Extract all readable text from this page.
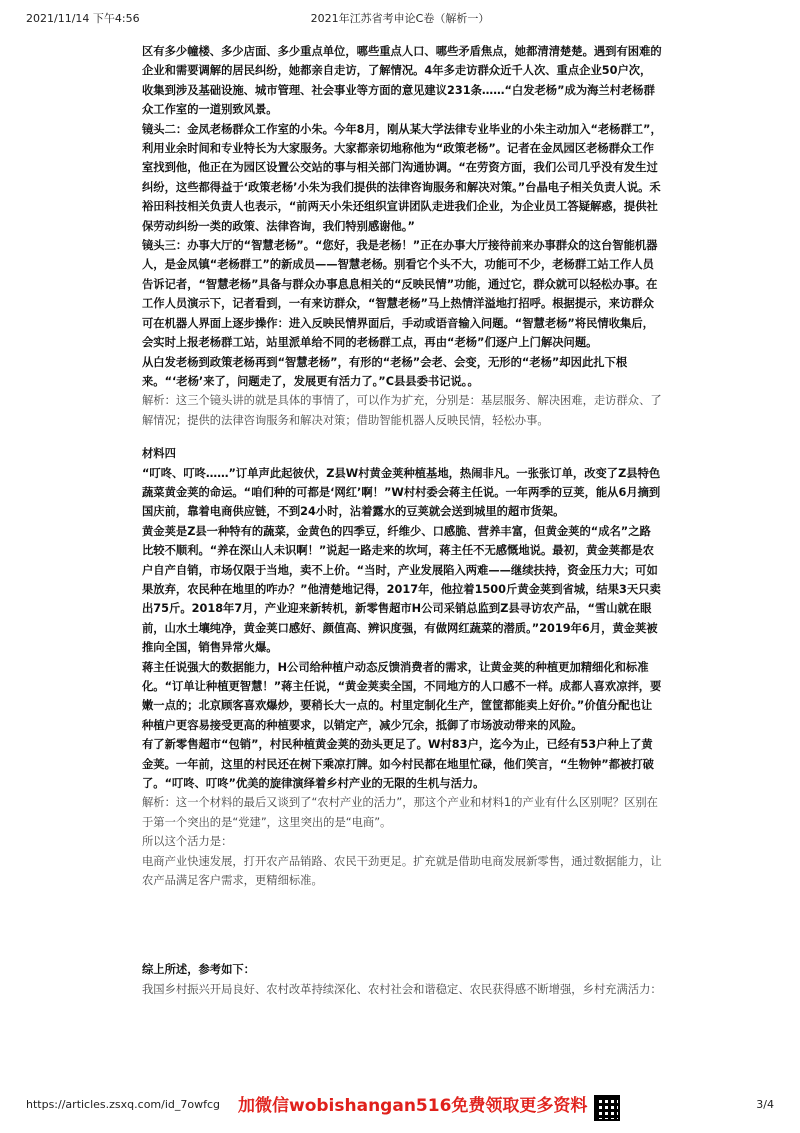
2021/11/14 下午4:56	2021年江苏省考申论C卷（解析一）

区有多少幢楼、多少店面、多少重点单位，哪些重点人口、哪些矛盾焦点，她都清清楚楚。遇到有困难的企业和需要调解的居民纠纷，她都亲自走访，了解情况。4年多走访群众近千人次、重点企业50户次，收集到涉及基础设施、城市管理、社会事业等方面的意见建议231条……“白发老杨”成为海兰村老杨群众工作室的一道别致风景。

镜头二：金凤老杨群众工作室的小朱。今年8月，刚从某大学法律专业毕业的小朱主动加入“老杨群工”，利用业余时间和专业特长为大家服务。大家都亲切地称他为“政策老杨”。记者在金凤园区老杨群众工作室找到他，他正在为园区设置公交站的事与相关部门沟通协调。“在劳资方面，我们公司几乎没有发生过纠纷，这些都得益于‘政策老杨’小朱为我们提供的法律咨询服务和解决对策。”台晶电子相关负责人说。禾裕田科技相关负责人也表示，“前两天小朱还组织宣讲团队走进我们企业，为企业员工答疑解惑，提供社保劳动纠纷一类的政策、法律咨询，我们特别感谢他。”

镜头三：办事大厅的“智慧老杨”。“您好，我是老杨！”正在办事大厅接待前来办事群众的这台智能机器人，是金凤镇“老杨群工”的新成员——智慧老杨。别看它个头不大，功能可不少，老杨群工站工作人员告诉记者，“智慧老杨”具备与群众办事息息相关的“反映民情”功能，通过它，群众就可以轻松办事。在工作人员演示下，记者看到，一有来访群众，“智慧老杨”马上热情洋溢地打招呼。根据提示，来访群众可在机器人界面上逐步操作：进入反映民情界面后，手动或语音输入问题。“智慧老杨”将民情收集后，会实时上报老杨群工站，站里派单给不同的老杨群工点，再由“老杨”们逐户上门解决问题。

从白发老杨到政策老杨再到“智慧老杨”，有形的“老杨”会老、会变，无形的“老杨”却因此扎下根来。“‘老杨’来了，问题走了，发展更有活力了。”C县县委书记说。。

解析：这三个镜头讲的就是具体的事情了，可以作为扩充，分别是：基层服务、解决困难，走访群众、了解情况；提供的法律咨询服务和解决对策；借助智能机器人反映民情，轻松办事。

材料四

“叮咚、叮咚……”订单声此起彼伏，Z县W村黄金荚种植基地，热闹非凡。一张张订单，改变了Z县特色蔬菜黄金荚的命运。“咱们种的可都是‘网红’啊！”W村村委会蒋主任说。一年两季的豆荚，能从6月摘到国庆前，靠着电商供应链，不到24小时，沾着露水的豆荚就会送到城里的超市货架。

黄金荚是Z县一种特有的蔬菜，金黄色的四季豆，纤维少、口感脆、营养丰富，但黄金荚的“成名”之路比较不顺利。“养在深山人未识啊！”说起一路走来的坎坷，蒋主任不无感慨地说。最初，黄金荚都是农户自产自销，市场仅限于当地，卖不上价。“当时，产业发展陷入两难——继续扶持，资金压力大；可如果放弃，农民种在地里的咋办？”他清楚地记得，2017年，他拉着1500斤黄金荚到省城，结果3天只卖出75斤。2018年7月，产业迎来新转机，新零售超市H公司采销总监到Z县寻访农产品，“雪山就在眼前，山水土壤纯净，黄金荚口感好、颜值高、辨识度强，有做网红蔬菜的潜质。”2019年6月，黄金荚被推向全国，销售异常火爆。

蒋主任说强大的数据能力，H公司给种植户动态反馈消费者的需求，让黄金荚的种植更加精细化和标准化。“订单让种植更智慧！”蒋主任说，“黄金荚卖全国，不同地方的人口感不一样。成都人喜欢凉拌，要嫩一点的；北京顾客喜欢爆炒，要稍长大一点的。村里定制化生产，筐筐都能卖上好价。”价值分配也让种植户更容易接受更高的种植要求，以销定产，减少冗余，抵御了市场波动带来的风险。

有了新零售超市“包销”，村民种植黄金荚的劲头更足了。W村83户，迄今为止，已经有53户种上了黄金荚。一年前，这里的村民还在树下乘凉打牌。如今村民都在地里忙碌，他们笑言，“生物钟”都被打破了。“叮咚、叮咚”优美的旋律演绎着乡村产业的无限的生机与活力。

解析：这一个材料的最后又谈到了“农村产业的活力”，那这个产业和材料1的产业有什么区别呢？区别在于第一个突出的是“党建”，这里突出的是“电商”。

所以这个活力是：

电商产业快速发展，打开农产品销路、农民干劲更足。扩充就是借助电商发展新零售，通过数据能力，让农产品满足客户需求，更精细标准。

综上所述，参考如下：

我国乡村振兴开局良好、农村改革持续深化、农村社会和谐稳定、农民获得感不断增强，乡村充满活力：

https://articles.zsxq.com/id_7owfcg	加微信wobishangan516免费领取更多资料	3/4
